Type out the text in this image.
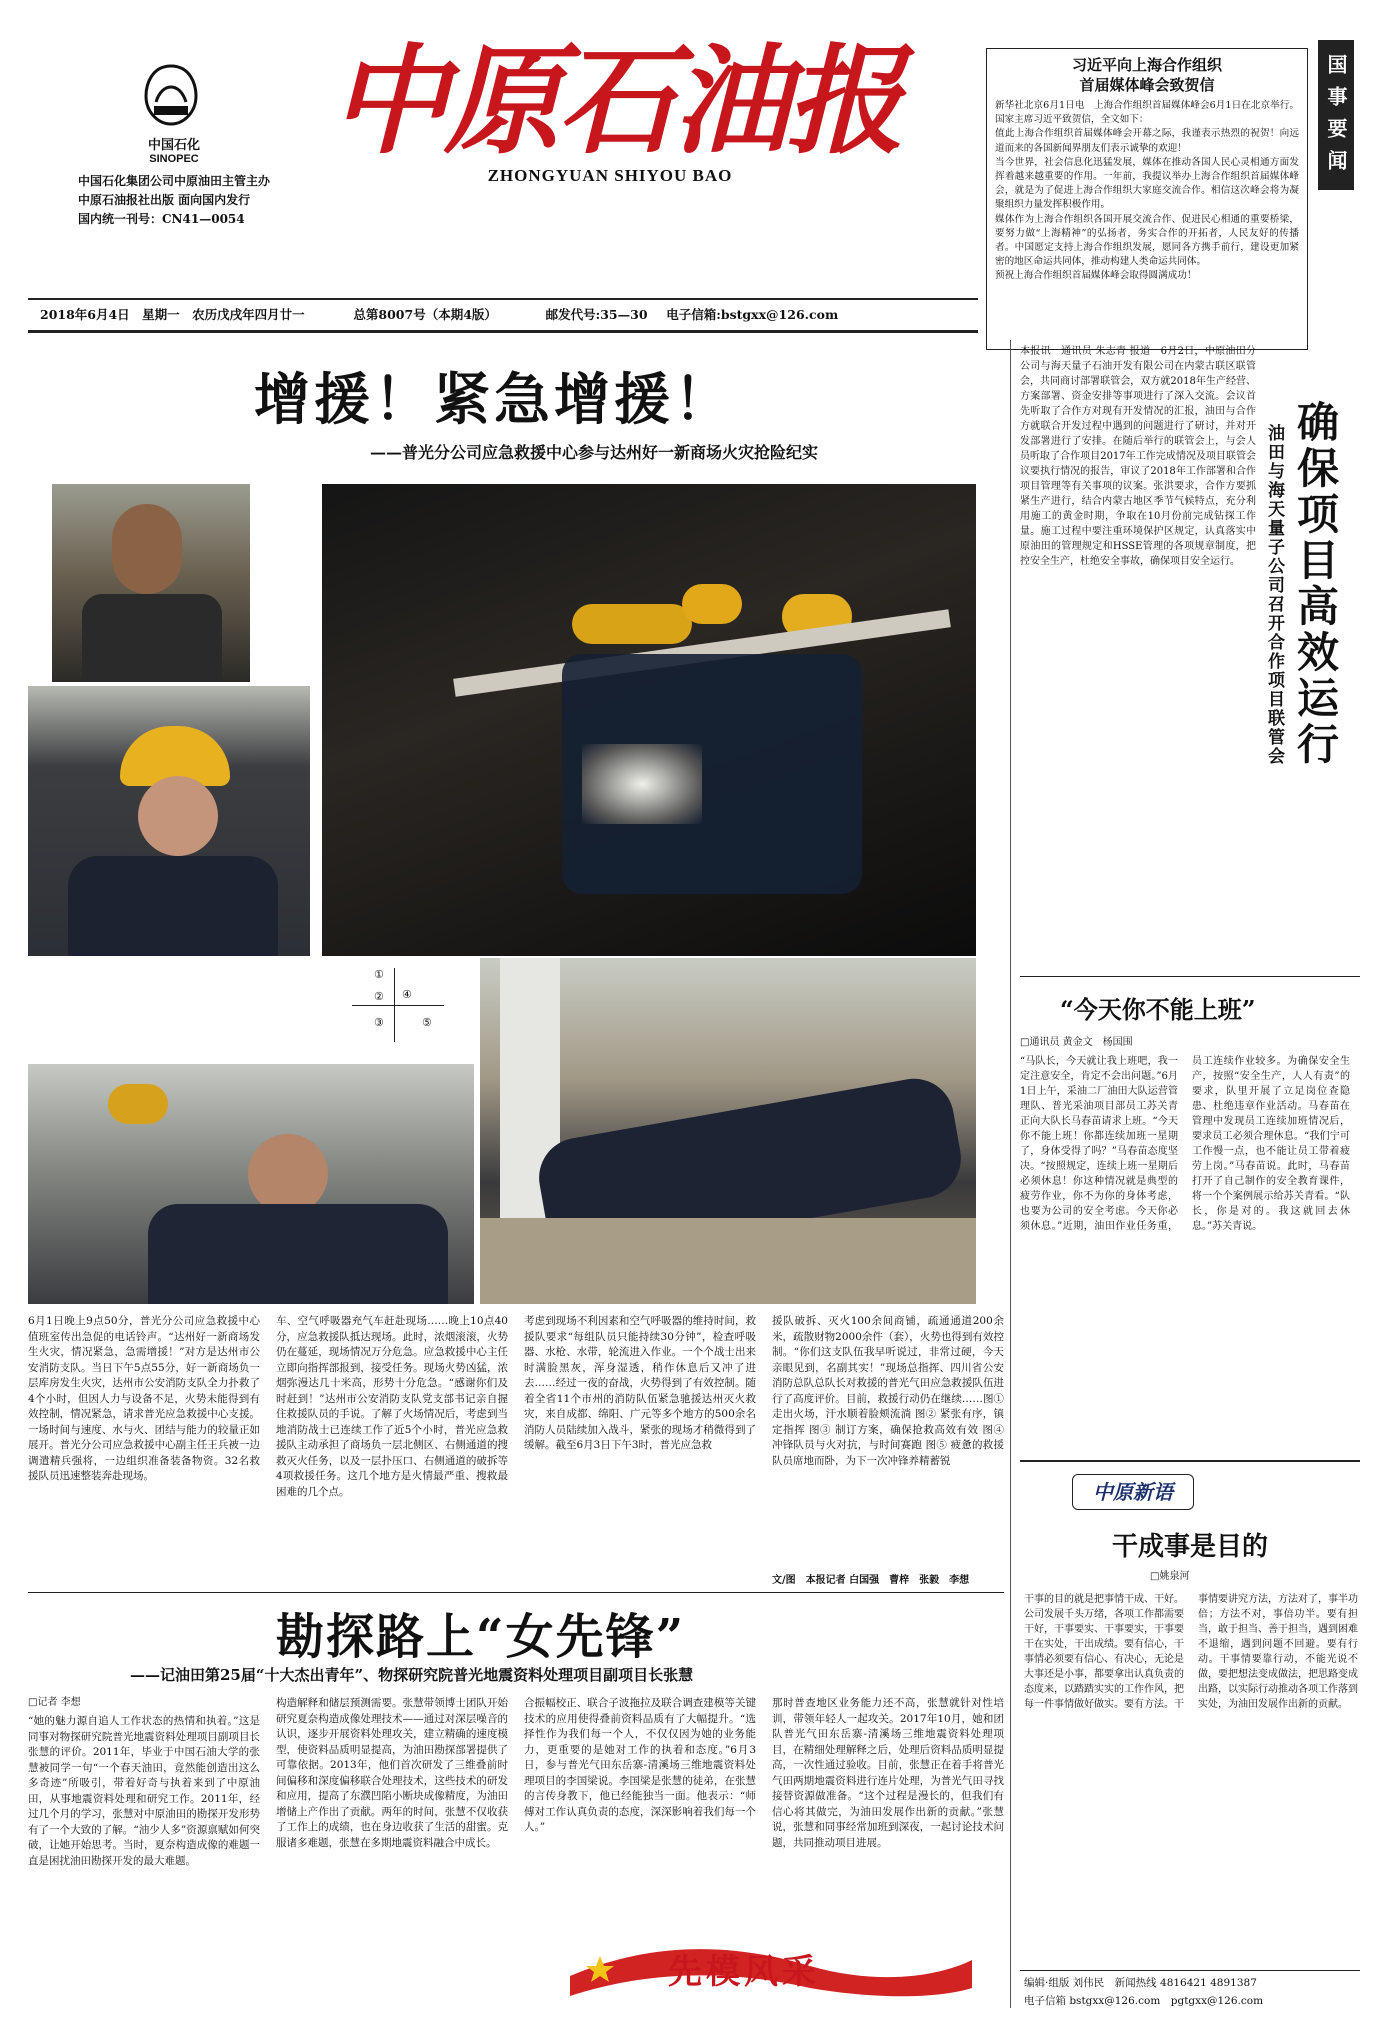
中国石化
SINOPEC
中国石化集团公司中原油田主管主办
中原石油报社出版 面向国内发行
国内统一刊号：CN41—0054
中原石油报
ZHONGYUAN SHIYOU BAO
习近平向上海合作组织
首届媒体峰会致贺信
新华社北京6月1日电　上海合作组织首届媒体峰会6月1日在北京举行。国家主席习近平致贺信，全文如下：
值此上海合作组织首届媒体峰会开幕之际，我谨表示热烈的祝贺！向远道而来的各国新闻界朋友们表示诚挚的欢迎！
当今世界，社会信息化迅猛发展，媒体在推动各国人民心灵相通方面发挥着越来越重要的作用。一年前，我提议举办上海合作组织首届媒体峰会，就是为了促进上海合作组织大家庭交流合作。相信这次峰会将为凝聚组织力量发挥积极作用。
媒体作为上海合作组织各国开展交流合作、促进民心相通的重要桥梁，要努力做“上海精神”的弘扬者，务实合作的开拓者，人民友好的传播者。中国愿定支持上海合作组织发展，愿同各方携手前行，建设更加紧密的地区命运共同体，推动构建人类命运共同体。
预祝上海合作组织首届媒体峰会取得圆满成功！
国事要闻
2018年6月4日　星期一　农历戊戌年四月廿一	总第8007号（本期4版）	邮发代号:35—30 电子信箱:bstgxx@126.com
增援！紧急增援！
——普光分公司应急救援中心参与达州好一新商场火灾抢险纪实
①
②
③
④
⑤
6月1日晚上9点50分，普光分公司应急救援中心值班室传出急促的电话铃声。“达州好一新商场发生火灾，情况紧急，急需增援！”对方是达州市公安消防支队。当日下午5点55分，好一新商场负一层库房发生火灾，达州市公安消防支队全力扑救了4个小时，但因人力与设备不足，火势未能得到有效控制，情况紧急，请求普光应急救援中心支援。一场时间与速度、水与火、团结与能力的较量正如展开。普光分公司应急救援中心副主任王兵被一边调遣精兵强将，一边组织准备装备物资。32名救援队员迅速整装奔赴现场。
车、空气呼吸器充气车赶赴现场……晚上10点40分，应急救援队抵达现场。此时，浓烟滚滚，火势仍在蔓延，现场情况万分危急。应急救援中心主任立即向指挥部报到，接受任务。现场火势凶猛，浓烟弥漫达几十米高，形势十分危急。“感谢你们及时赶到！”达州市公安消防支队党支部书记亲自握住救援队员的手说。了解了火场情况后，考虑到当地消防战士已连续工作了近5个小时，普光应急救援队主动承担了商场负一层北侧区、右侧通道的搜救灭火任务，以及一层扑压口、右侧通道的破拆等4项救援任务。这几个地方是火情最严重、搜救最困难的几个点。
考虑到现场不利因素和空气呼吸器的维持时间，救援队要求“每组队员只能持续30分钟”，检查呼吸器、水枪、水带，轮流进入作业。一个个战士出来时满脸黑灰，浑身湿透，稍作休息后又冲了进去……经过一夜的奋战，火势得到了有效控制。随着全省11个市州的消防队伍紧急驰援达州灭火救灾，来自成都、绵阳、广元等多个地方的500余名消防人员陆续加入战斗，紧张的现场才稍微得到了缓解。截至6月3日下午3时，普光应急救
援队破拆、灭火100余间商铺，疏通通道200余米，疏散财物2000余件（套），火势也得到有效控制。“你们这支队伍我早听说过，非常过硬，今天亲眼见到，名副其实！”现场总指挥、四川省公安消防总队总队长对救援的普光气田应急救援队伍进行了高度评价。目前，救援行动仍在继续……图① 走出火场，汗水顺着脸颊流淌 图② 紧张有序，镇定指挥 图③ 制订方案，确保抢救高效有效 图④ 冲锋队员与火对抗，与时间赛跑 图⑤ 疲惫的救援队员席地而卧，为下一次冲锋养精蓄锐
文/图　本报记者 白国强　曹梓　张毅　李想
本报讯　通讯员 朱志青 报道　6月2日，中原油田分公司与海天量子石油开发有限公司在内蒙古联区联管会，共同商讨部署联管会，双方就2018年生产经营、方案部署、资金安排等事项进行了深入交流。会议首先听取了合作方对现有开发情况的汇报，油田与合作方就联合开发过程中遇到的问题进行了研讨，并对开发部署进行了安排。在随后举行的联管会上，与会人员听取了合作项目2017年工作完成情况及项目联管会议要执行情况的报告，审议了2018年工作部署和合作项目管理等有关事项的议案。张洪要求，合作方要抓紧生产进行，结合内蒙古地区季节气候特点，充分利用施工的黄金时期，争取在10月份前完成钻探工作量。施工过程中要注重环境保护区规定，认真落实中原油田的管理规定和HSSE管理的各项规章制度，把控安全生产，杜绝安全事故，确保项目安全运行。	确保项目高效运行
油田与海天量子公司召开合作项目联管会
“今天你不能上班”
□通讯员 黄金文　杨国围
“马队长，今天就让我上班吧，我一定注意安全，肯定不会出问题。”6月1日上午，采油二厂油田大队运营管理队、普光采油项目部员工苏关青正向大队长马春苗请求上班。“今天你不能上班！你都连续加班一星期了，身体受得了吗？”马春苗态度坚决。“按照规定，连续上班一星期后必须休息！你这种情况就是典型的疲劳作业，你不为你的身体考虑，也要为公司的安全考虑。今天你必须休息。”近期，油田作业任务重，员工连续作业较多。为确保安全生产，按照“安全生产，人人有责”的要求，队里开展了立足岗位查隐患、杜绝违章作业活动。马春苗在管理中发现员工连续加班情况后，要求员工必须合理休息。“我们宁可工作慢一点，也不能让员工带着疲劳上岗。”马春苗说。此时，马春苗打开了自己制作的安全教育课件，将一个个案例展示给苏关青看。“队长，你是对的。我这就回去休息。”苏关青说。
中原新语
干成事是目的
□姚泉河
干事的目的就是把事情干成、干好。公司发展千头万绪，各项工作都需要干好，干事要实、干事要实，干事要干在实处，干出成绩。要有信心，干事情必须要有信心、有决心，无论是大事还是小事，都要拿出认真负责的态度来，以踏踏实实的工作作风，把每一件事情做好做实。要有方法。干事情要讲究方法，方法对了，事半功倍；方法不对，事倍功半。要有担当，敢于担当、善于担当，遇到困难不退缩，遇到问题不回避。要有行动。干事情要靠行动，不能光说不做，要把想法变成做法，把思路变成出路，以实际行动推动各项工作落到实处，为油田发展作出新的贡献。
勘探路上“女先锋”
——记油田第25届“十大杰出青年”、物探研究院普光地震资料处理项目副项目长张慧
□记者 李想
“她的魅力源自追人工作状态的热情和执着。”这是同事对物探研究院普光地震资料处理项目副项目长张慧的评价。2011年，毕业于中国石油大学的张慧被同学一句“一个春天油田，竟然能创造出这么多奇迹”所吸引，带着好奇与执着来到了中原油田，从事地震资料处理和研究工作。2011年，经过几个月的学习，张慧对中原油田的勘探开发形势有了一个大致的了解。“油少人多”资源禀赋如何突破，让她开始思考。当时，夏奈构造成像的难题一直是困扰油田勘探开发的最大难题。
构造解释和储层预测需要。张慧带领博士团队开始研究夏奈构造成像处理技术——通过对深层噪音的认识，逐步开展资料处理攻关，建立精确的速度模型，使资料品质明显提高，为油田勘探部署提供了可靠依据。2013年，他们首次研发了三维叠前时间偏移和深度偏移联合处理技术，这些技术的研发和应用，提高了东濮凹陷小断块成像精度，为油田增储上产作出了贡献。两年的时间，张慧不仅收获了工作上的成绩，也在身边收获了生活的甜蜜。克服诸多难题，张慧在多期地震资料融合中成长。
合振幅校正、联合子波拖拉及联合调查建模等关键技术的应用使得叠前资料品质有了大幅提升。“选择性作为我们每一个人，不仅仅因为她的业务能力，更重要的是她对工作的执着和态度。”6月3日，参与普光气田东岳寨-清溪场三维地震资料处理项目的李国梁说。李国梁是张慧的徒弟，在张慧的言传身教下，他已经能独当一面。他表示：“师傅对工作认真负责的态度，深深影响着我们每一个人。”
那时普查地区业务能力还不高，张慧就针对性培训，带领年轻人一起攻关。2017年10月，她和团队普光气田东岳寨-清溪场三维地震资料处理项目，在精细处理解释之后，处理后资料品质明显提高，一次性通过验收。目前，张慧正在着手将普光气田两期地震资料进行连片处理，为普光气田寻找接替资源做准备。“这个过程是漫长的，但我们有信心将其做完，为油田发展作出新的贡献。”张慧说，张慧和同事经常加班到深夜，一起讨论技术问题，共同推动项目进展。
先模风采	编辑·组版 刘伟民　新闻热线 4816421 4891387
电子信箱 bstgxx@126.com　pgtgxx@126.com
